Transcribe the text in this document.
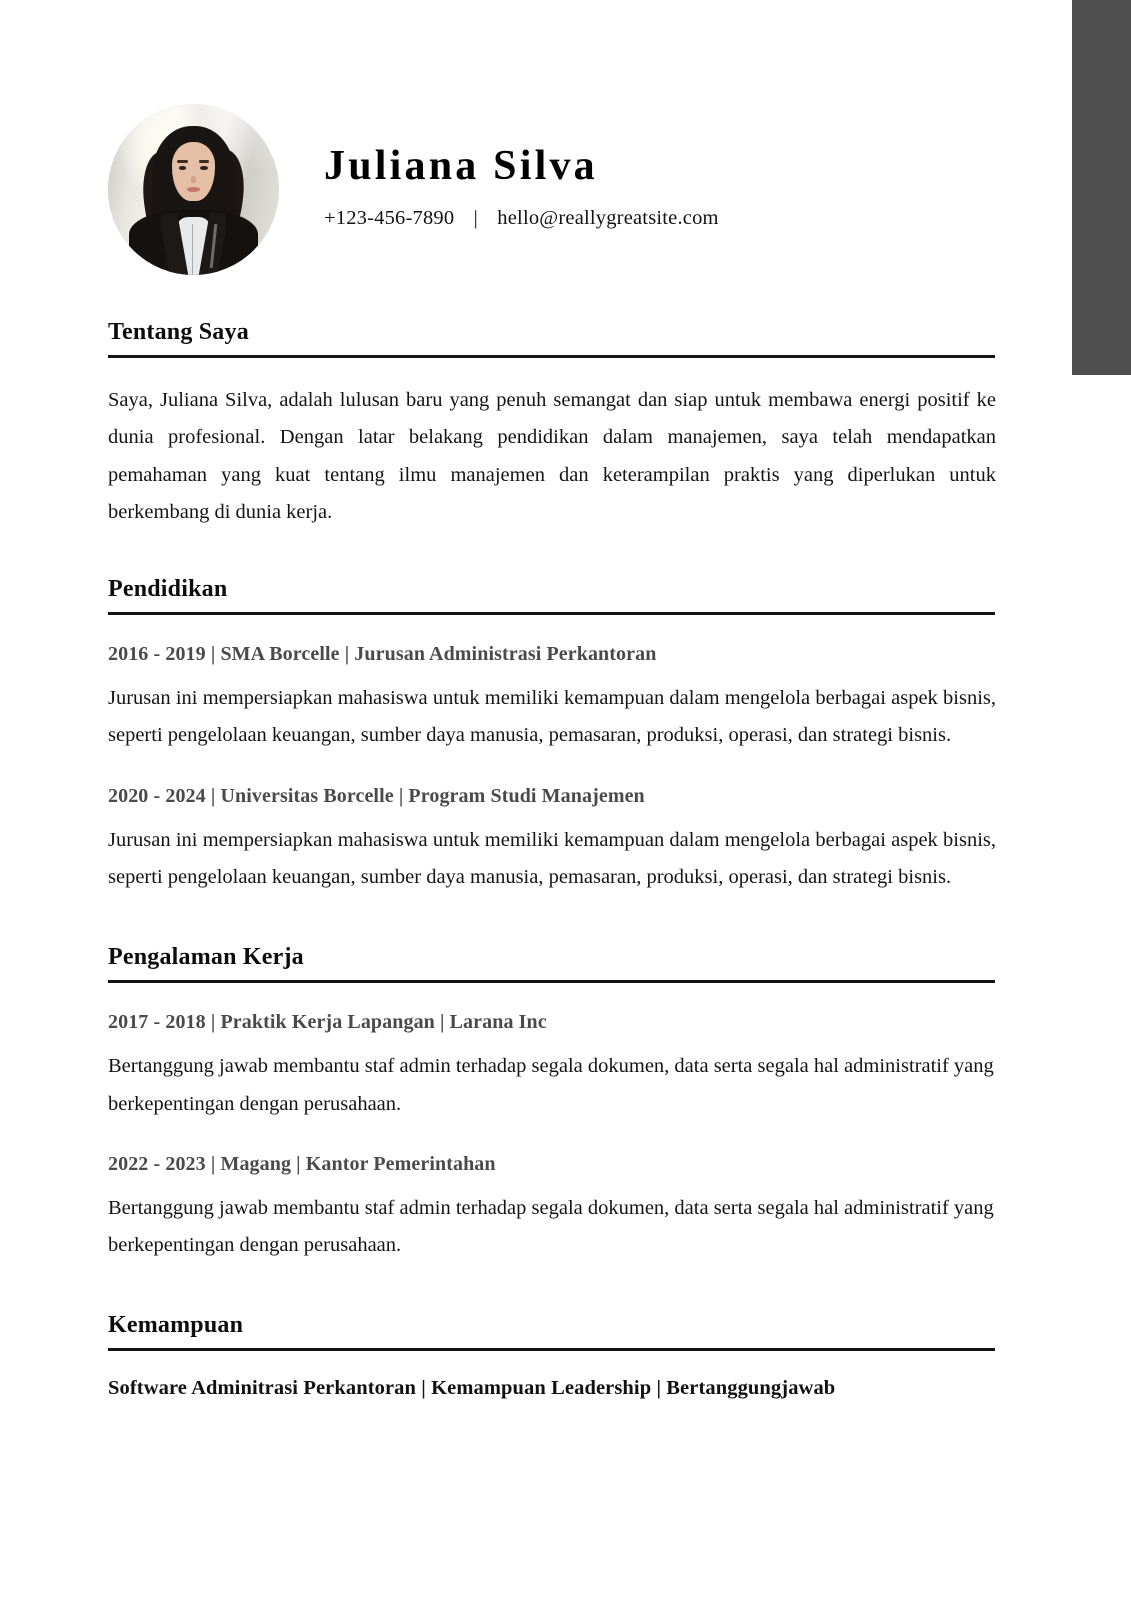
Juliana Silva
+123-456-7890 | hello@reallygreatsite.com
Tentang Saya

Saya, Juliana Silva, adalah lulusan baru yang penuh semangat dan siap untuk membawa energi positif ke dunia profesional. Dengan latar belakang pendidikan dalam manajemen, saya telah mendapatkan pemahaman yang kuat tentang ilmu manajemen dan keterampilan praktis yang diperlukan untuk berkembang di dunia kerja.

Pendidikan
2016 - 2019 | SMA Borcelle | Jurusan Administrasi Perkantoran

Jurusan ini mempersiapkan mahasiswa untuk memiliki kemampuan dalam mengelola berbagai aspek bisnis, seperti pengelolaan keuangan, sumber daya manusia, pemasaran, produksi, operasi, dan strategi bisnis.

2020 - 2024 | Universitas Borcelle | Program Studi Manajemen

Jurusan ini mempersiapkan mahasiswa untuk memiliki kemampuan dalam mengelola berbagai aspek bisnis, seperti pengelolaan keuangan, sumber daya manusia, pemasaran, produksi, operasi, dan strategi bisnis.

Pengalaman Kerja
2017 - 2018 | Praktik Kerja Lapangan | Larana Inc

Bertanggung jawab membantu staf admin terhadap segala dokumen, data serta segala hal administratif yang berkepentingan dengan perusahaan.

2022 - 2023 | Magang | Kantor Pemerintahan

Bertanggung jawab membantu staf admin terhadap segala dokumen, data serta segala hal administratif yang berkepentingan dengan perusahaan.

Kemampuan
Software Adminitrasi Perkantoran | Kemampuan Leadership | Bertanggungjawab
